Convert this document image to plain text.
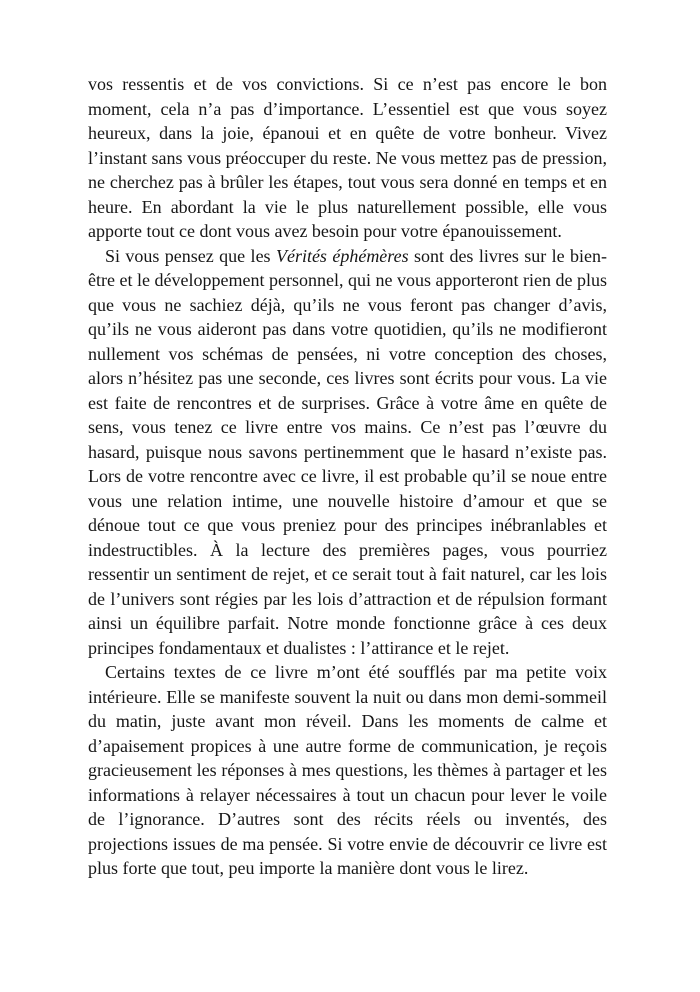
vos ressentis et de vos convictions. Si ce n’est pas encore le bon moment, cela n’a pas d’importance. L’essentiel est que vous soyez heureux, dans la joie, épanoui et en quête de votre bonheur. Vivez l’instant sans vous préoccuper du reste. Ne vous mettez pas de pression, ne cherchez pas à brûler les étapes, tout vous sera donné en temps et en heure. En abordant la vie le plus naturellement possible, elle vous apporte tout ce dont vous avez besoin pour votre épanouissement.

Si vous pensez que les Vérités éphémères sont des livres sur le bien-être et le développement personnel, qui ne vous apporteront rien de plus que vous ne sachiez déjà, qu’ils ne vous feront pas changer d’avis, qu’ils ne vous aideront pas dans votre quotidien, qu’ils ne modifieront nullement vos schémas de pensées, ni votre conception des choses, alors n’hésitez pas une seconde, ces livres sont écrits pour vous. La vie est faite de rencontres et de surprises. Grâce à votre âme en quête de sens, vous tenez ce livre entre vos mains. Ce n’est pas l’œuvre du hasard, puisque nous savons pertinemment que le hasard n’existe pas. Lors de votre rencontre avec ce livre, il est probable qu’il se noue entre vous une relation intime, une nouvelle histoire d’amour et que se dénoue tout ce que vous preniez pour des principes inébranlables et indestructibles. À la lecture des premières pages, vous pourriez ressentir un sentiment de rejet, et ce serait tout à fait naturel, car les lois de l’univers sont régies par les lois d’attraction et de répulsion formant ainsi un équilibre parfait. Notre monde fonctionne grâce à ces deux principes fondamentaux et dualistes : l’attirance et le rejet.

Certains textes de ce livre m’ont été soufflés par ma petite voix intérieure. Elle se manifeste souvent la nuit ou dans mon demi-sommeil du matin, juste avant mon réveil. Dans les moments de calme et d’apaisement propices à une autre forme de communication, je reçois gracieusement les réponses à mes questions, les thèmes à partager et les informations à relayer nécessaires à tout un chacun pour lever le voile de l’ignorance. D’autres sont des récits réels ou inventés, des projections issues de ma pensée. Si votre envie de découvrir ce livre est plus forte que tout, peu importe la manière dont vous le lirez.
